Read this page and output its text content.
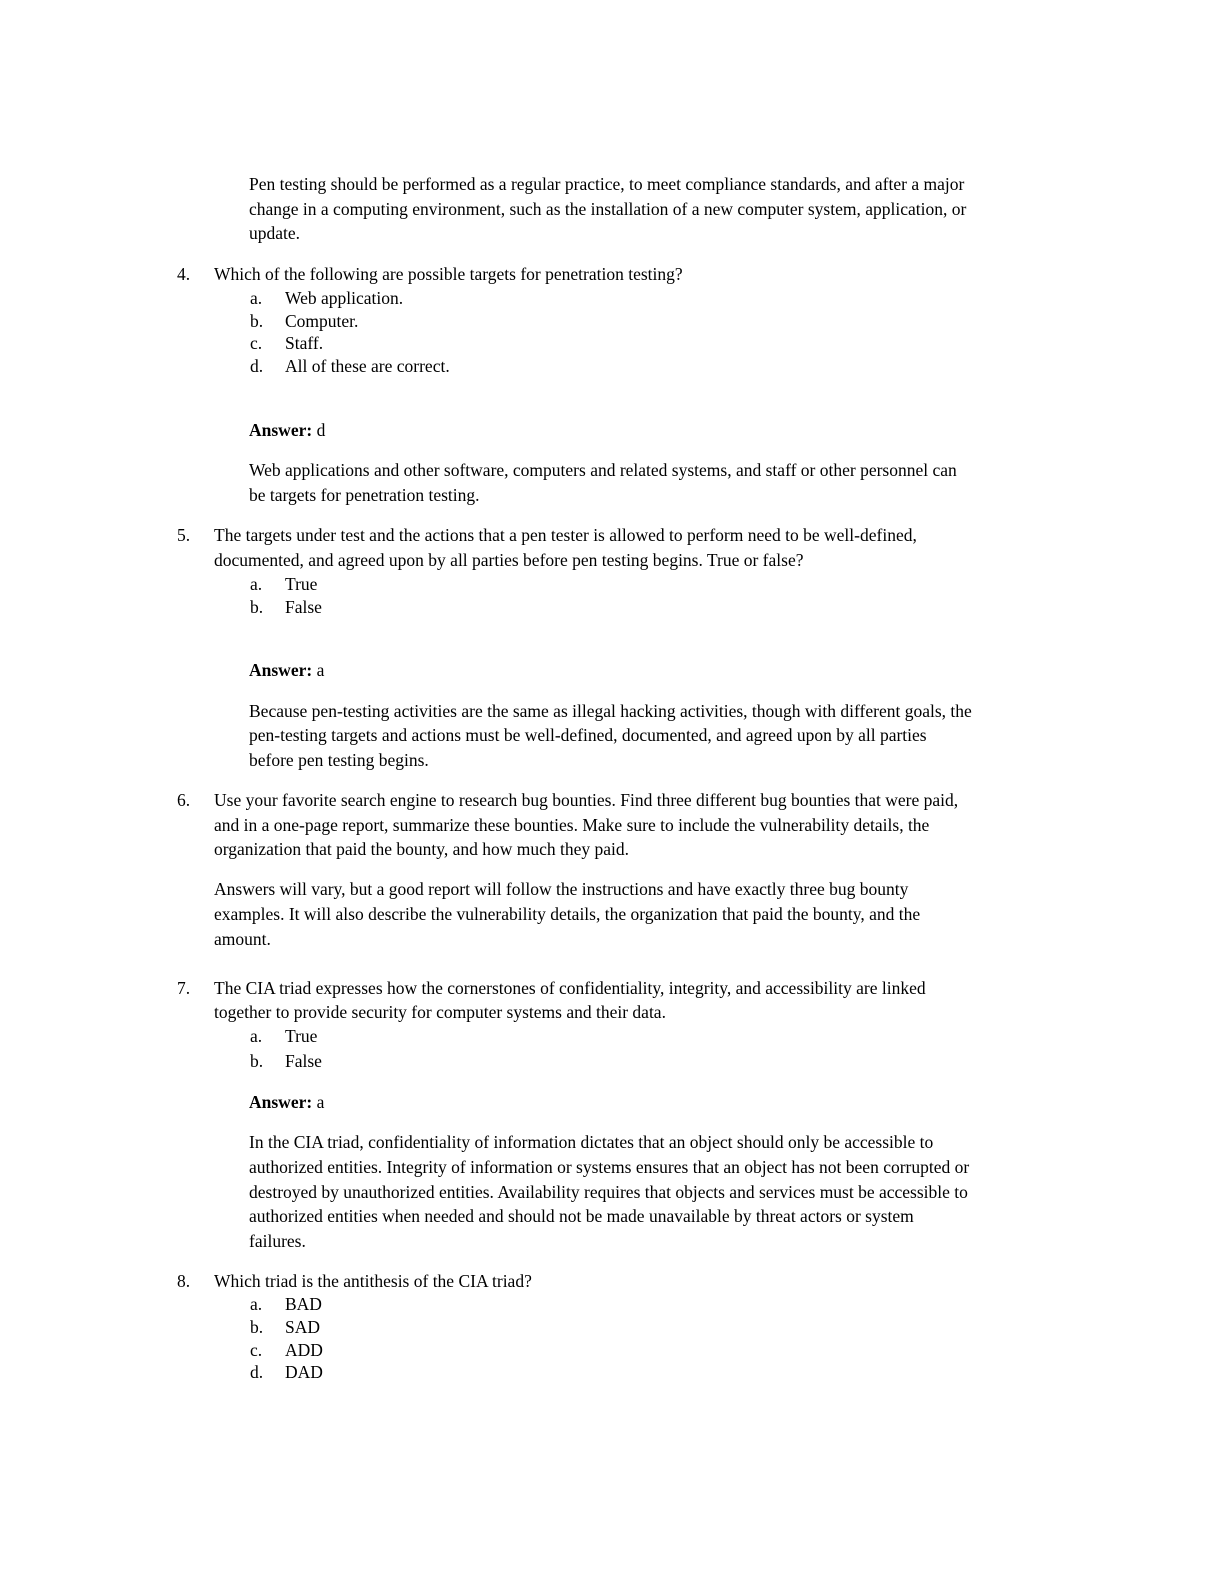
Pen testing should be performed as a regular practice, to meet compliance standards, and after a major

change in a computing environment, such as the installation of a new computer system, application, or

update.

4.	Which of the following are possible targets for penetration testing?

a. Web application.
b. Computer.
c. Staff.
d. All of these are correct.
Answer: d

Web applications and other software, computers and related systems, and staff or other personnel can

be targets for penetration testing.

5.	The targets under test and the actions that a pen tester is allowed to perform need to be well-defined,

documented, and agreed upon by all parties before pen testing begins. True or false?

a. True
b. False
Answer: a

Because pen-testing activities are the same as illegal hacking activities, though with different goals, the

pen-testing targets and actions must be well-defined, documented, and agreed upon by all parties

before pen testing begins.

6.	Use your favorite search engine to research bug bounties. Find three different bug bounties that were paid,

and in a one-page report, summarize these bounties. Make sure to include the vulnerability details, the

organization that paid the bounty, and how much they paid.

Answers will vary, but a good report will follow the instructions and have exactly three bug bounty

examples. It will also describe the vulnerability details, the organization that paid the bounty, and the

amount.

7.	The CIA triad expresses how the cornerstones of confidentiality, integrity, and accessibility are linked

together to provide security for computer systems and their data.

a. True
b. False
Answer: a

In the CIA triad, confidentiality of information dictates that an object should only be accessible to

authorized entities. Integrity of information or systems ensures that an object has not been corrupted or

destroyed by unauthorized entities. Availability requires that objects and services must be accessible to

authorized entities when needed and should not be made unavailable by threat actors or system

failures.

8.	Which triad is the antithesis of the CIA triad?

a. BAD
b. SAD
c. ADD
d. DAD
